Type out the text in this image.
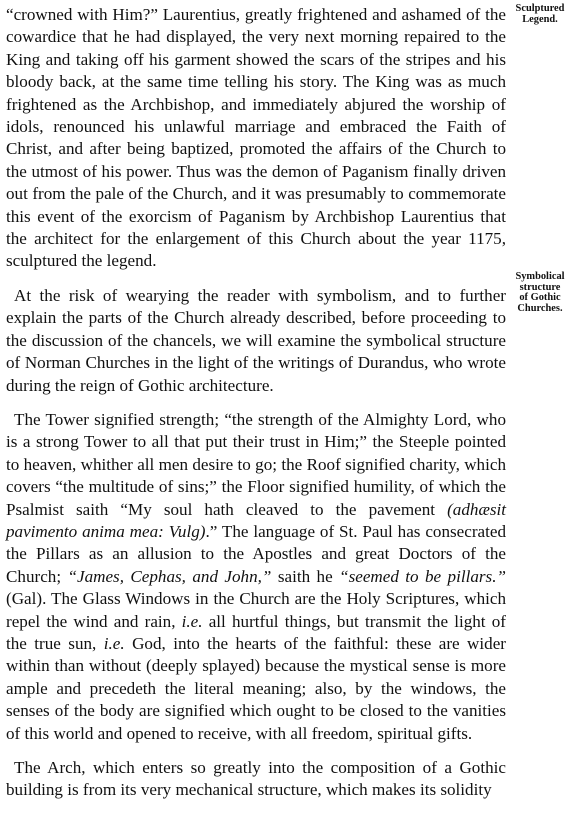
“crowned with Him?” Laurentius, greatly frightened and ashamed of the cowardice that he had displayed, the very next morning repaired to the King and taking off his garment showed the scars of the stripes and his bloody back, at the same time telling his story. The King was as much frightened as the Archbishop, and immediately abjured the worship of idols, renounced his unlawful marriage and embraced the Faith of Christ, and after being baptized, promoted the affairs of the Church to the utmost of his power. Thus was the demon of Paganism finally driven out from the pale of the Church, and it was presumably to commemorate this event of the exorcism of Paganism by Archbishop Laurentius that the architect for the enlargement of this Church about the year 1175, sculptured the legend.

At the risk of wearying the reader with symbolism, and to further explain the parts of the Church already described, before proceeding to the discussion of the chancels, we will examine the symbolical structure of Norman Churches in the light of the writings of Durandus, who wrote during the reign of Gothic architecture.

The Tower signified strength; “the strength of the Almighty Lord, who is a strong Tower to all that put their trust in Him;” the Steeple pointed to heaven, whither all men desire to go; the Roof signified charity, which covers “the multitude of sins;” the Floor signified humility, of which the Psalmist saith “My soul hath cleaved to the pavement (adhæsit pavimento anima mea: Vulg).” The language of St. Paul has consecrated the Pillars as an allusion to the Apostles and great Doctors of the Church; “James, Cephas, and John,” saith he “seemed to be pillars.” (Gal). The Glass Windows in the Church are the Holy Scriptures, which repel the wind and rain, i.e. all hurtful things, but transmit the light of the true sun, i.e. God, into the hearts of the faithful: these are wider within than without (deeply splayed) because the mystical sense is more ample and precedeth the literal meaning; also, by the windows, the senses of the body are signified which ought to be closed to the vanities of this world and opened to receive, with all freedom, spiritual gifts.

The Arch, which enters so greatly into the composition of a Gothic building is from its very mechanical structure, which makes its solidity

Sculptured
Legend.
Symbolical
structure
of Gothic
Churches.
